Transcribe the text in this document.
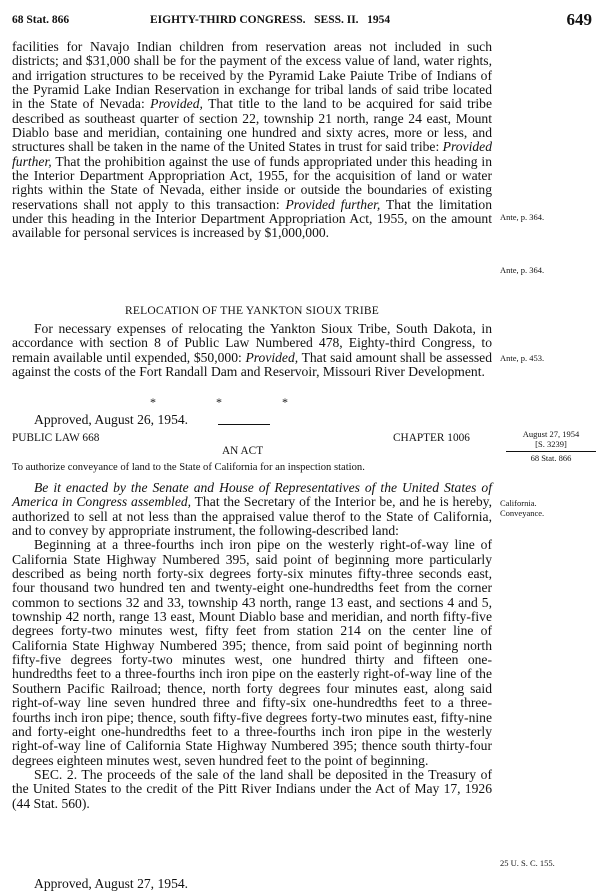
68 Stat. 866	EIGHTY-THIRD CONGRESS.   SESS. II.   1954	649

facilities for Navajo Indian children from reservation areas not included in such districts; and $31,000 shall be for the payment of the excess value of land, water rights, and irrigation structures to be received by the Pyramid Lake Paiute Tribe of Indians of the Pyramid Lake Indian Reservation in exchange for tribal lands of said tribe located in the State of Nevada: Provided, That title to the land to be acquired for said tribe described as southeast quarter of section 22, township 21 north, range 24 east, Mount Diablo base and meridian, containing one hundred and sixty acres, more or less, and structures shall be taken in the name of the United States in trust for said tribe: Provided further, That the prohibition against the use of funds appropriated under this heading in the Interior Department Appropriation Act, 1955, for the acquisition of land or water rights within the State of Nevada, either inside or outside the boundaries of existing reservations shall not apply to this transaction: Provided further, That the limitation under this heading in the Interior Department Appropriation Act, 1955, on the amount available for personal services is increased by $1,000,000.

Ante, p. 364.
Ante, p. 364.
RELOCATION OF THE YANKTON SIOUX TRIBE

For necessary expenses of relocating the Yankton Sioux Tribe, South Dakota, in accordance with section 8 of Public Law Numbered 478, Eighty-third Congress, to remain available until expended, $50,000: Provided, That said amount shall be assessed against the costs of the Fort Randall Dam and Reservoir, Missouri River Development.

Ante, p. 453.
*                    *                    *
Approved, August 26, 1954.
PUBLIC LAW 668	CHAPTER 1006	August 27, 1954
[S. 3239]
68 Stat. 866
AN ACT
To authorize conveyance of land to the State of California for an inspection station.

Be it enacted by the Senate and House of Representatives of the United States of America in Congress assembled, That the Secretary of the Interior be, and he is hereby, authorized to sell at not less than the appraised value therof to the State of California, and to convey by appropriate instrument, the following-described land:

Beginning at a three-fourths inch iron pipe on the westerly right-of-way line of California State Highway Numbered 395, said point of beginning more particularly described as being north forty-six degrees forty-six minutes fifty-three seconds east, four thousand two hundred ten and twenty-eight one-hundredths feet from the corner common to sections 32 and 33, township 43 north, range 13 east, and sections 4 and 5, township 42 north, range 13 east, Mount Diablo base and meridian, and north fifty-five degrees forty-two minutes west, fifty feet from station 214 on the center line of California State Highway Numbered 395; thence, from said point of beginning north fifty-five degrees forty-two minutes west, one hundred thirty and fifteen one-hundredths feet to a three-fourths inch iron pipe on the easterly right-of-way line of the Southern Pacific Railroad; thence, north forty degrees four minutes east, along said right-of-way line seven hundred three and fifty-six one-hundredths feet to a three-fourths inch iron pipe; thence, south fifty-five degrees forty-two minutes east, fifty-nine and forty-eight one-hundredths feet to a three-fourths inch iron pipe in the westerly right-of-way line of California State Highway Numbered 395; thence south thirty-four degrees eighteen minutes west, seven hundred feet to the point of beginning.

SEC. 2. The proceeds of the sale of the land shall be deposited in the Treasury of the United States to the credit of the Pitt River Indians under the Act of May 17, 1926 (44 Stat. 560).

California.
Conveyance.
25 U. S. C. 155.
Approved, August 27, 1954.
